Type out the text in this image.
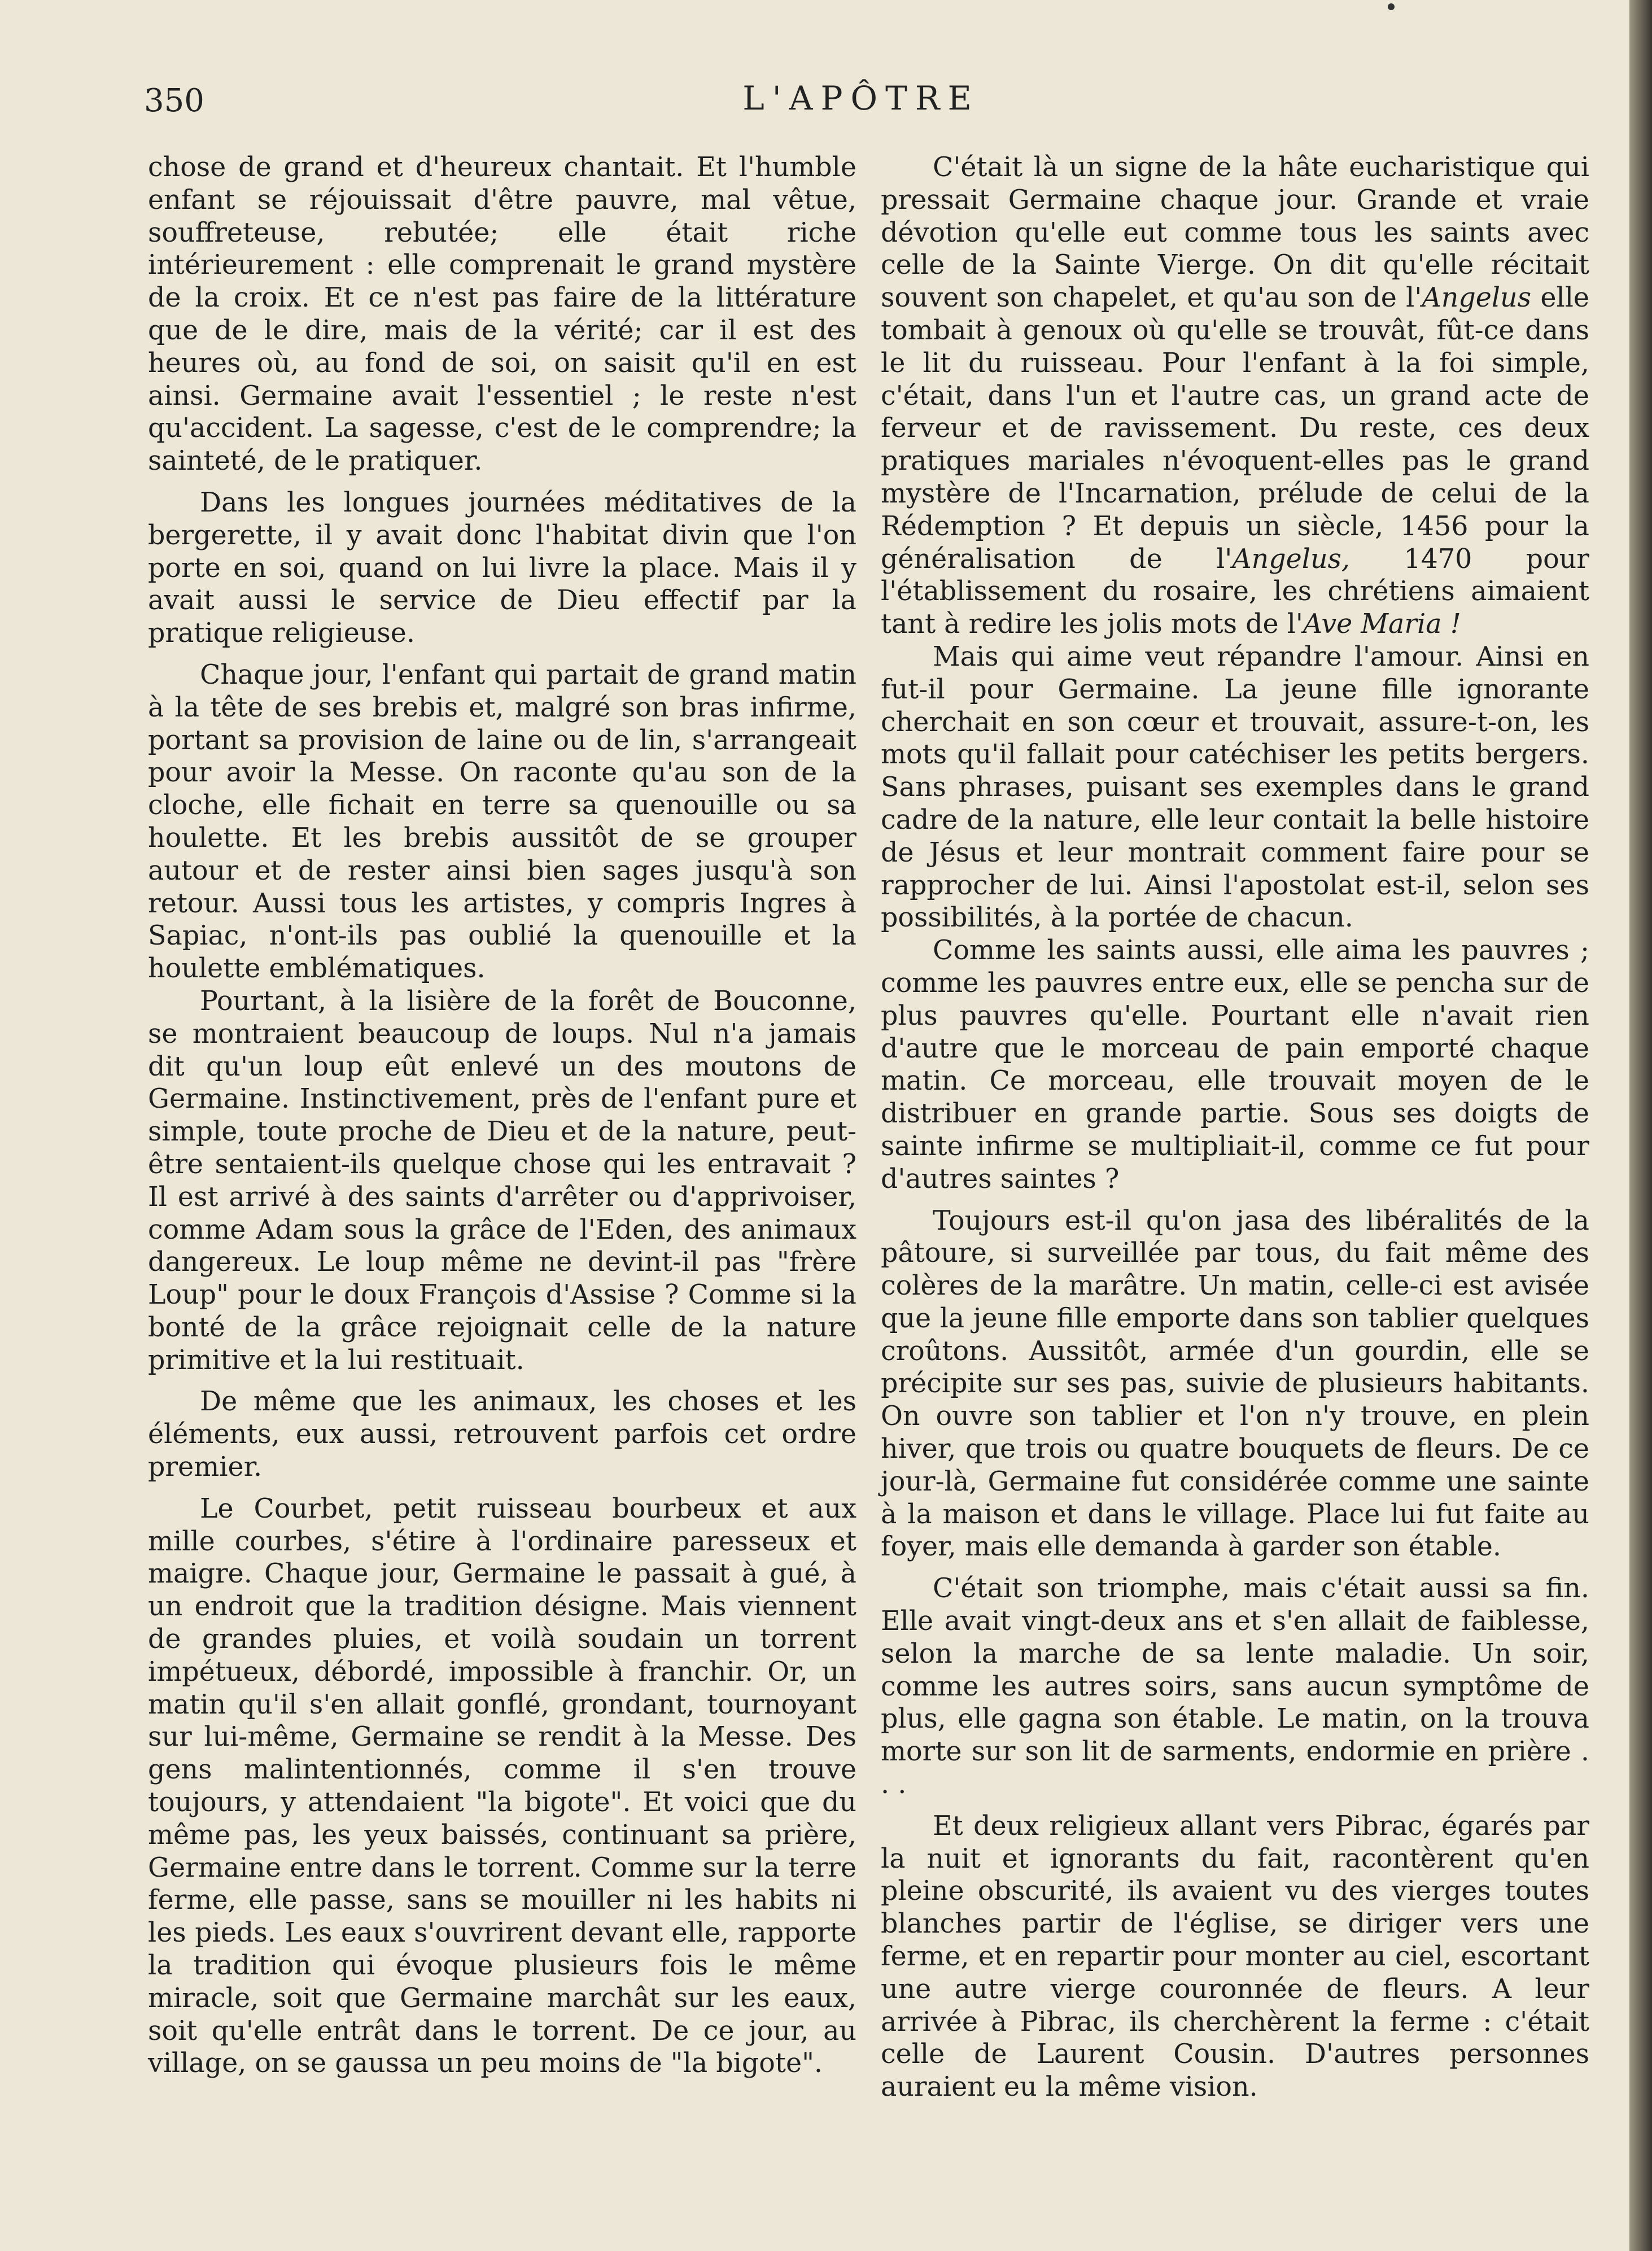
350	L'APÔTRE

chose de grand et d'heureux chantait. Et l'humble enfant se réjouissait d'être pauvre, mal vêtue, souffreteuse, rebutée; elle était riche intérieurement : elle comprenait le grand mystère de la croix. Et ce n'est pas faire de la littérature que de le dire, mais de la vérité; car il est des heures où, au fond de soi, on saisit qu'il en est ainsi. Germaine avait l'essentiel ; le reste n'est qu'accident. La sagesse, c'est de le comprendre; la sainteté, de le pratiquer.

Dans les longues journées méditatives de la bergerette, il y avait donc l'habitat divin que l'on porte en soi, quand on lui livre la place. Mais il y avait aussi le service de Dieu effectif par la pratique religieuse.

Chaque jour, l'enfant qui partait de grand matin à la tête de ses brebis et, malgré son bras infirme, portant sa provision de laine ou de lin, s'arrangeait pour avoir la Messe. On raconte qu'au son de la cloche, elle fichait en terre sa quenouille ou sa houlette. Et les brebis aussitôt de se grouper autour et de rester ainsi bien sages jusqu'à son retour. Aussi tous les artistes, y compris Ingres à Sapiac, n'ont-ils pas oublié la quenouille et la houlette emblématiques.

Pourtant, à la lisière de la forêt de Bouconne, se montraient beaucoup de loups. Nul n'a jamais dit qu'un loup eût enlevé un des moutons de Germaine. Instinctivement, près de l'enfant pure et simple, toute proche de Dieu et de la nature, peut-être sentaient-ils quelque chose qui les entravait ? Il est arrivé à des saints d'arrêter ou d'apprivoiser, comme Adam sous la grâce de l'Eden, des animaux dangereux. Le loup même ne devint-il pas "frère Loup" pour le doux François d'Assise ? Comme si la bonté de la grâce rejoignait celle de la nature primitive et la lui restituait.

De même que les animaux, les choses et les éléments, eux aussi, retrouvent parfois cet ordre premier.

Le Courbet, petit ruisseau bourbeux et aux mille courbes, s'étire à l'ordinaire paresseux et maigre. Chaque jour, Germaine le passait à gué, à un endroit que la tradition désigne. Mais viennent de grandes pluies, et voilà soudain un torrent impétueux, débordé, impossible à franchir. Or, un matin qu'il s'en allait gonflé, grondant, tournoyant sur lui-même, Germaine se rendit à la Messe. Des gens malintentionnés, comme il s'en trouve toujours, y attendaient "la bigote". Et voici que du même pas, les yeux baissés, continuant sa prière, Germaine entre dans le torrent. Comme sur la terre ferme, elle passe, sans se mouiller ni les habits ni les pieds. Les eaux s'ouvrirent devant elle, rapporte la tradition qui évoque plusieurs fois le même miracle, soit que Germaine marchât sur les eaux, soit qu'elle entrât dans le torrent. De ce jour, au village, on se gaussa un peu moins de "la bigote".

C'était là un signe de la hâte eucharistique qui pressait Germaine chaque jour. Grande et vraie dévotion qu'elle eut comme tous les saints avec celle de la Sainte Vierge. On dit qu'elle récitait souvent son chapelet, et qu'au son de l'Angelus elle tombait à genoux où qu'elle se trouvât, fût-ce dans le lit du ruisseau. Pour l'enfant à la foi simple, c'était, dans l'un et l'autre cas, un grand acte de ferveur et de ravissement. Du reste, ces deux pratiques mariales n'évoquent-elles pas le grand mystère de l'Incarnation, prélude de celui de la Rédemption ? Et depuis un siècle, 1456 pour la généralisation de l'Angelus, 1470 pour l'établissement du rosaire, les chrétiens aimaient tant à redire les jolis mots de l'Ave Maria !

Mais qui aime veut répandre l'amour. Ainsi en fut-il pour Germaine. La jeune fille ignorante cherchait en son cœur et trouvait, assure-t-on, les mots qu'il fallait pour catéchiser les petits bergers. Sans phrases, puisant ses exemples dans le grand cadre de la nature, elle leur contait la belle histoire de Jésus et leur montrait comment faire pour se rapprocher de lui. Ainsi l'apostolat est-il, selon ses possibilités, à la portée de chacun.

Comme les saints aussi, elle aima les pauvres ; comme les pauvres entre eux, elle se pencha sur de plus pauvres qu'elle. Pourtant elle n'avait rien d'autre que le morceau de pain emporté chaque matin. Ce morceau, elle trouvait moyen de le distribuer en grande partie. Sous ses doigts de sainte infirme se multipliait-il, comme ce fut pour d'autres saintes ?

Toujours est-il qu'on jasa des libéralités de la pâtoure, si surveillée par tous, du fait même des colères de la marâtre. Un matin, celle-ci est avisée que la jeune fille emporte dans son tablier quelques croûtons. Aussitôt, armée d'un gourdin, elle se précipite sur ses pas, suivie de plusieurs habitants. On ouvre son tablier et l'on n'y trouve, en plein hiver, que trois ou quatre bouquets de fleurs. De ce jour-là, Germaine fut considérée comme une sainte à la maison et dans le village. Place lui fut faite au foyer, mais elle demanda à garder son étable.

C'était son triomphe, mais c'était aussi sa fin. Elle avait vingt-deux ans et s'en allait de faiblesse, selon la marche de sa lente maladie. Un soir, comme les autres soirs, sans aucun symptôme de plus, elle gagna son étable. Le matin, on la trouva morte sur son lit de sarments, endormie en prière . . .

Et deux religieux allant vers Pibrac, égarés par la nuit et ignorants du fait, racontèrent qu'en pleine obscurité, ils avaient vu des vierges toutes blanches partir de l'église, se diriger vers une ferme, et en repartir pour monter au ciel, escortant une autre vierge couronnée de fleurs. A leur arrivée à Pibrac, ils cherchèrent la ferme : c'était celle de Laurent Cousin. D'autres personnes auraient eu la même vision.
